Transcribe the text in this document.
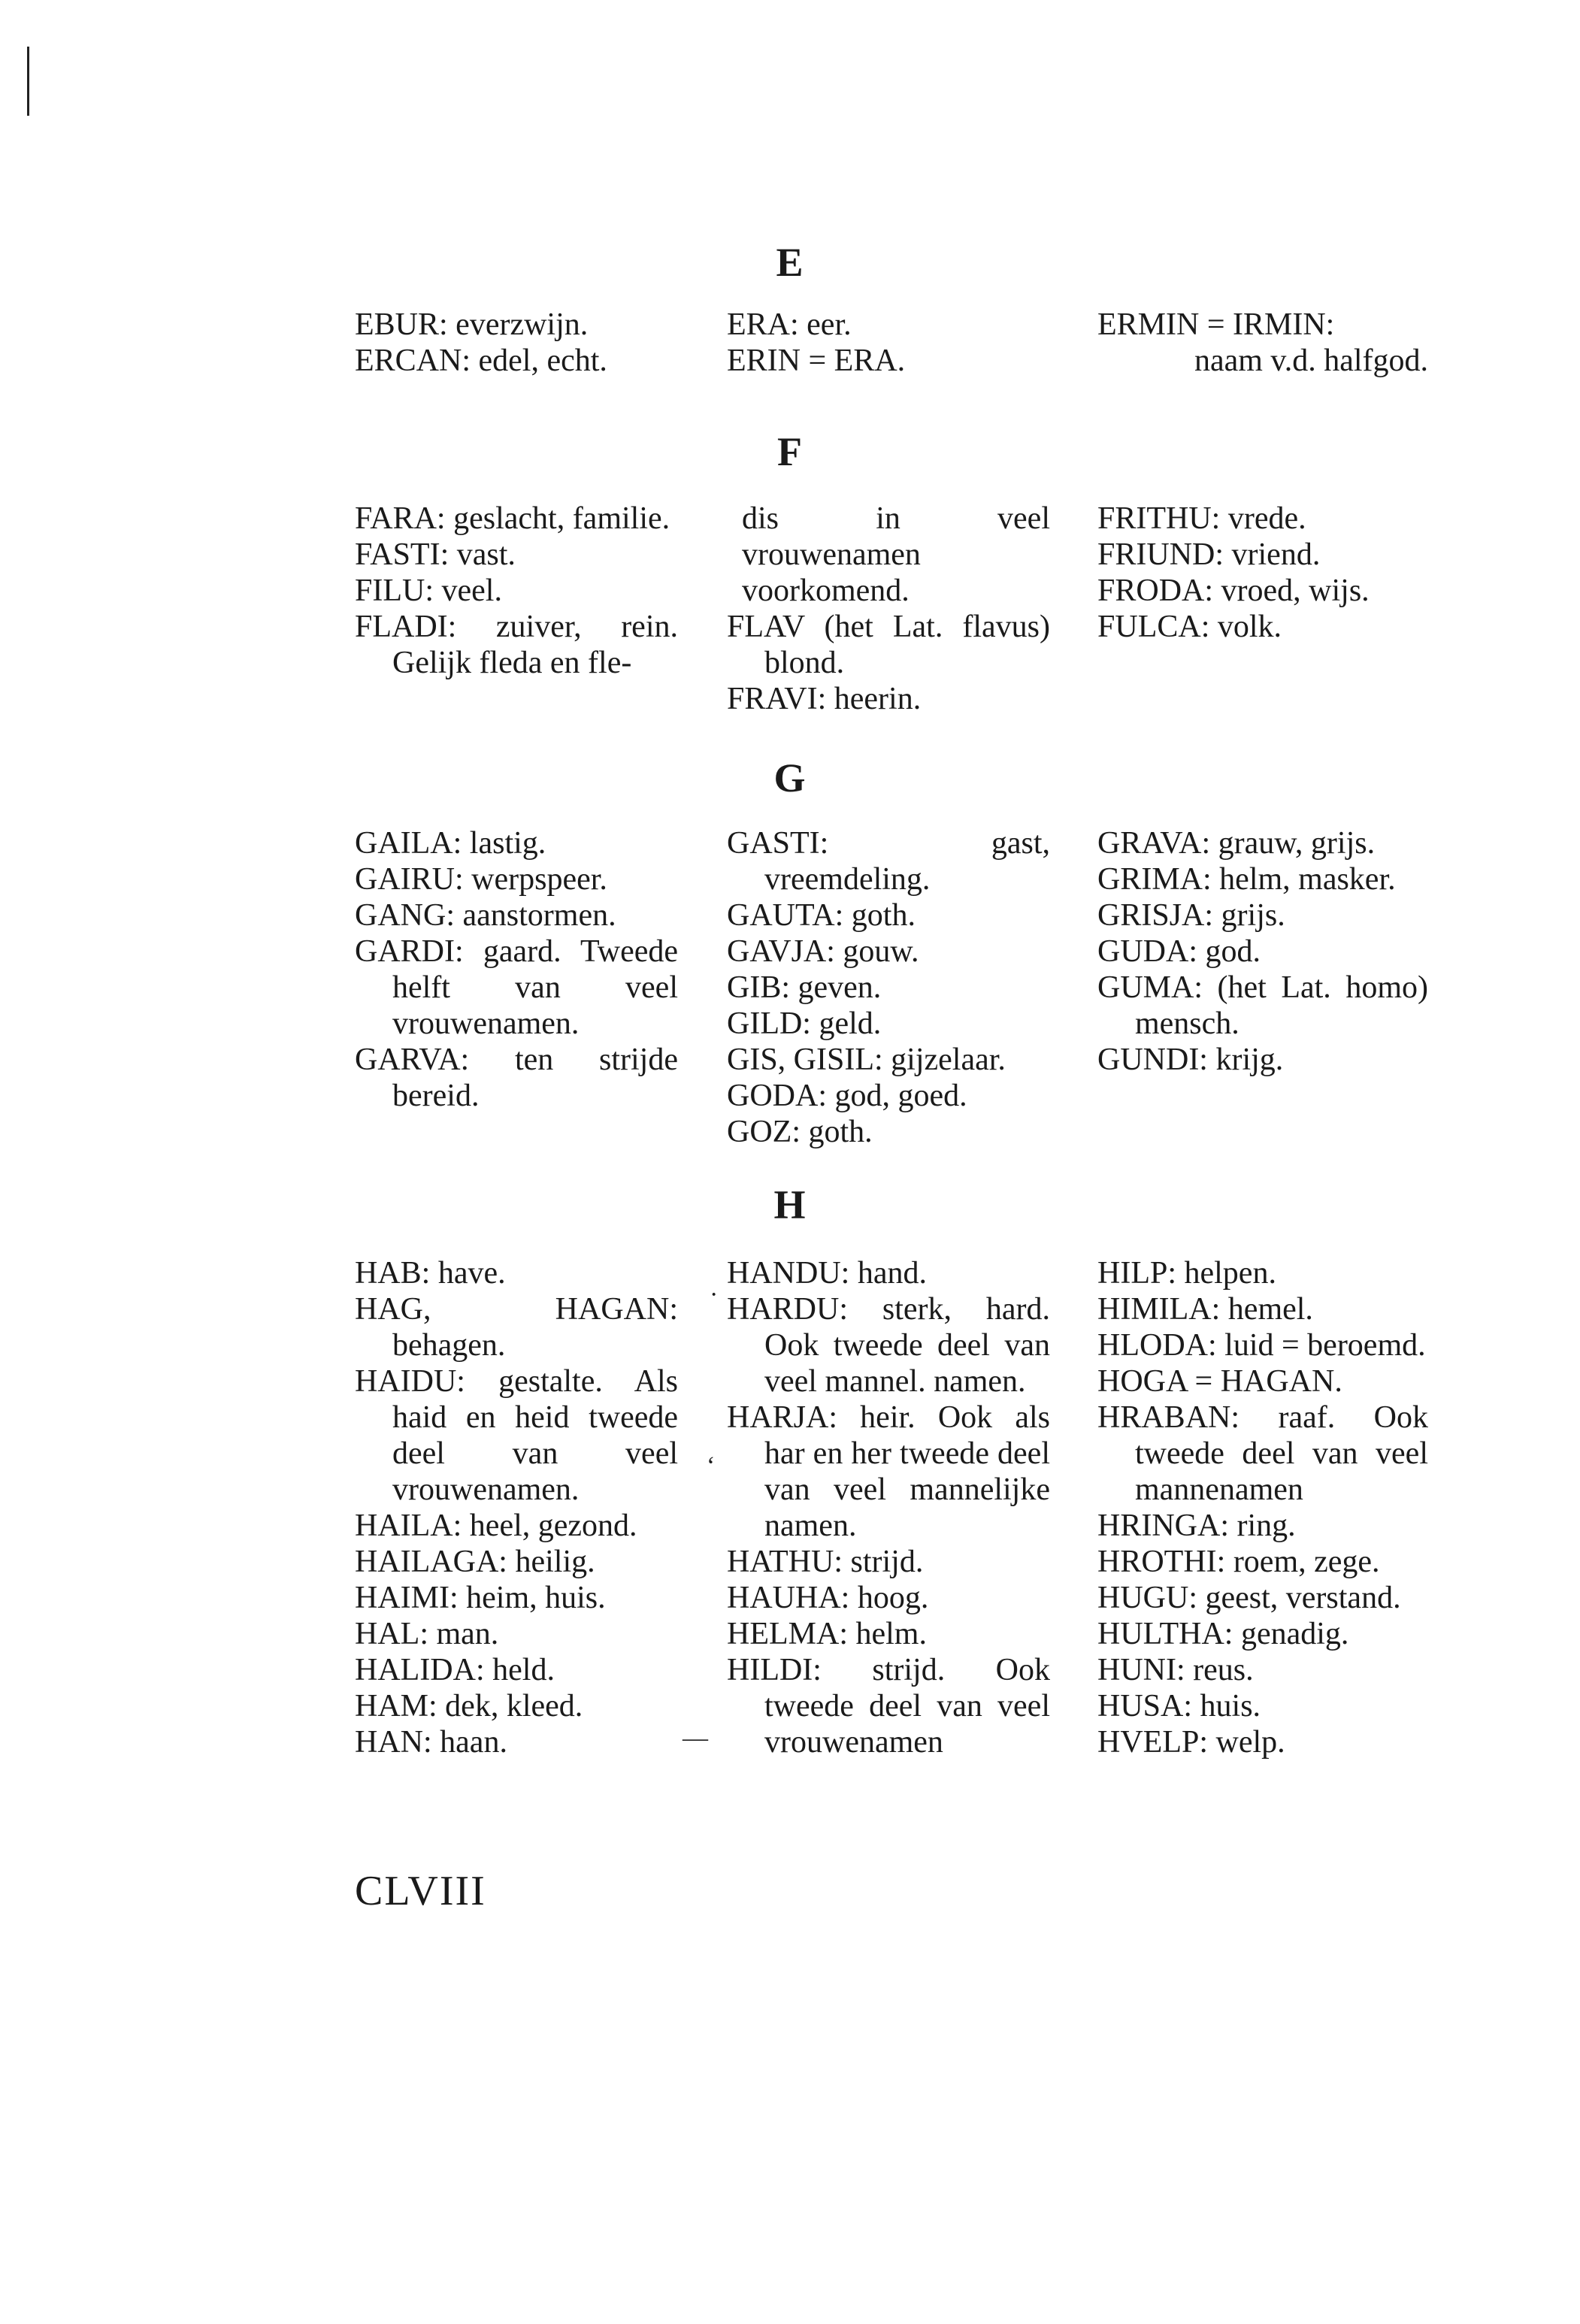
E

EBUR: everzwijn.

ERCAN: edel, echt.

ERA: eer.

ERIN = ERA.

ERMIN = IRMIN:

naam v.d. halfgod.

F

FARA: geslacht, familie.

FASTI: vast.

FILU: veel.

FLADI: zuiver, rein. Gelijk fleda en fle-

dis in veel vrouwenamen voorkomend.

FLAV (het Lat. flavus) blond.

FRAVI: heerin.

FRITHU: vrede.

FRIUND: vriend.

FRODA: vroed, wijs.

FULCA: volk.

G

GAILA: lastig.

GAIRU: werpspeer.

GANG: aanstormen.

GARDI: gaard. Tweede helft van veel vrouwenamen.

GARVA: ten strijde bereid.

GASTI: gast, vreemdeling.

GAUTA: goth.

GAVJA: gouw.

GIB: geven.

GILD: geld.

GIS, GISIL: gijzelaar.

GODA: god, goed.

GOZ: goth.

GRAVA: grauw, grijs.

GRIMA: helm, masker.

GRISJA: grijs.

GUDA: god.

GUMA: (het Lat. homo) mensch.

GUNDI: krijg.

H

HAB: have.

HAG, HAGAN: behagen.

HAIDU: gestalte. Als haid en heid tweede deel van veel vrouwenamen.

HAILA: heel, gezond.

HAILAGA: heilig.

HAIMI: heim, huis.

HAL: man.

HALIDA: held.

HAM: dek, kleed.

HAN: haan.

HANDU: hand.

HARDU: sterk, hard. Ook tweede deel van veel mannel. namen.

HARJA: heir. Ook als har en her tweede deel van veel mannelijke namen.

HATHU: strijd.

HAUHA: hoog.

HELMA: helm.

HILDI: strijd. Ook tweede deel van veel vrouwenamen

HILP: helpen.

HIMILA: hemel.

HLODA: luid = beroemd.

HOGA = HAGAN.

HRABAN: raaf. Ook tweede deel van veel mannenamen

HRINGA: ring.

HROTHI: roem, zege.

HUGU: geest, verstand.

HULTHA: genadig.

HUNI: reus.

HUSA: huis.

HVELP: welp.

·
‘
—
CLVIII
